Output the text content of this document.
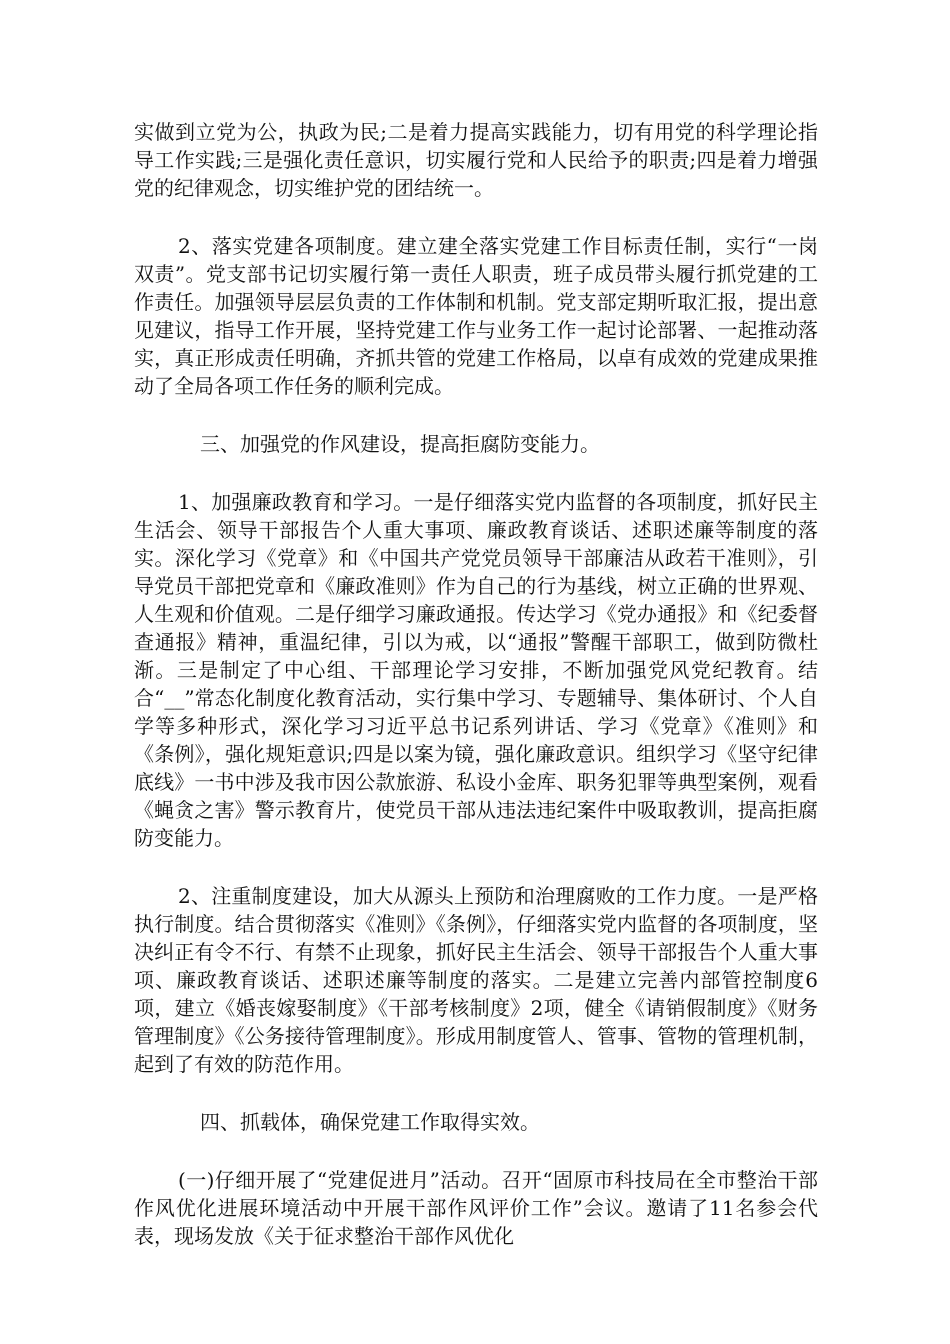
实做到立党为公，执政为民;二是着力提高实践能力，切有用党的科学理论指导工作实践;三是强化责任意识，切实履行党和人民给予的职责;四是着力增强党的纪律观念，切实维护党的团结统一。

2、落实党建各项制度。建立建全落实党建工作目标责任制，实行“一岗双责”。党支部书记切实履行第一责任人职责，班子成员带头履行抓党建的工作责任。加强领导层层负责的工作体制和机制。党支部定期听取汇报，提出意见建议，指导工作开展，坚持党建工作与业务工作一起讨论部署、一起推动落实，真正形成责任明确，齐抓共管的党建工作格局，以卓有成效的党建成果推动了全局各项工作任务的顺利完成。

三、加强党的作风建设，提高拒腐防变能力。

1、加强廉政教育和学习。一是仔细落实党内监督的各项制度，抓好民主生活会、领导干部报告个人重大事项、廉政教育谈话、述职述廉等制度的落实。深化学习《党章》和《中国共产党党员领导干部廉洁从政若干准则》，引导党员干部把党章和《廉政准则》作为自己的行为基线，树立正确的世界观、人生观和价值观。二是仔细学习廉政通报。传达学习《党办通报》和《纪委督查通报》精神，重温纪律，引以为戒，以“通报”警醒干部职工，做到防微杜渐。三是制定了中心组、干部理论学习安排，不断加强党风党纪教育。结合“__”常态化制度化教育活动，实行集中学习、专题辅导、集体研讨、个人自学等多种形式，深化学习习近平总书记系列讲话、学习《党章》《准则》和《条例》，强化规矩意识;四是以案为镜，强化廉政意识。组织学习《坚守纪律底线》一书中涉及我市因公款旅游、私设小金库、职务犯罪等典型案例，观看《蝇贪之害》警示教育片，使党员干部从违法违纪案件中吸取教训，提高拒腐防变能力。

2、注重制度建设，加大从源头上预防和治理腐败的工作力度。一是严格执行制度。结合贯彻落实《准则》《条例》，仔细落实党内监督的各项制度，坚决纠正有令不行、有禁不止现象，抓好民主生活会、领导干部报告个人重大事项、廉政教育谈话、述职述廉等制度的落实。二是建立完善内部管控制度6项，建立《婚丧嫁娶制度》《干部考核制度》2项，健全《请销假制度》《财务管理制度》《公务接待管理制度》。形成用制度管人、管事、管物的管理机制，起到了有效的防范作用。

四、抓载体，确保党建工作取得实效。

(一)仔细开展了“党建促进月”活动。召开“固原市科技局在全市整治干部作风优化进展环境活动中开展干部作风评价工作”会议。邀请了11名参会代表，现场发放《关于征求整治干部作风优化
